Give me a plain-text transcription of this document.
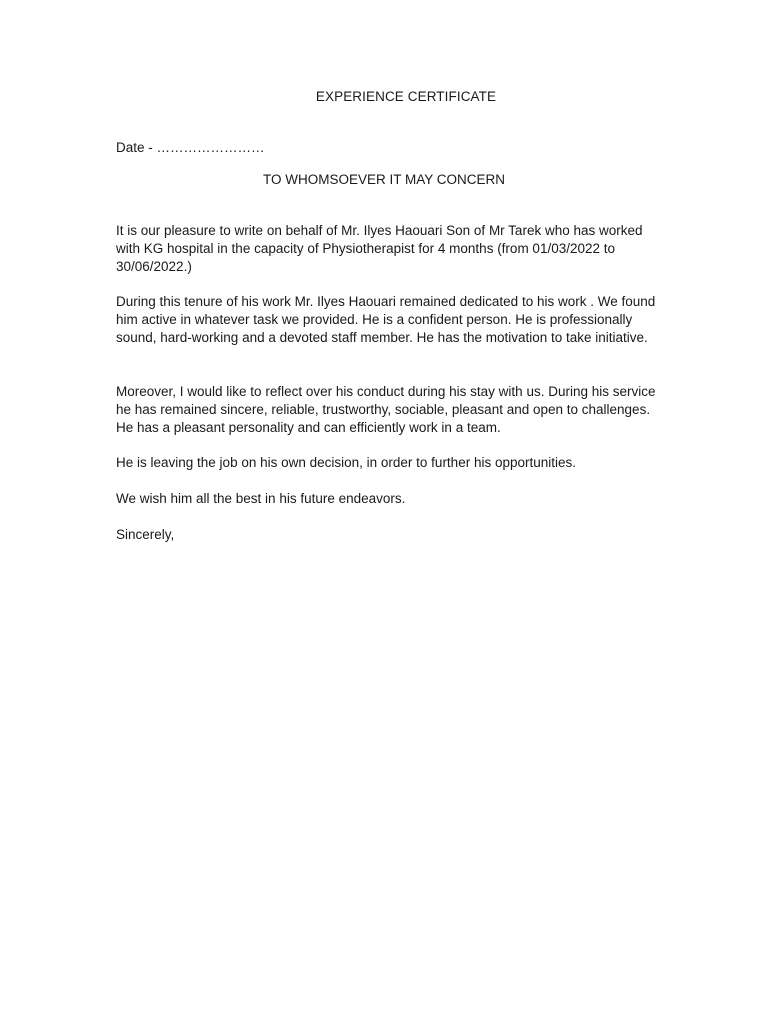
EXPERIENCE CERTIFICATE
Date - ……………………
TO WHOMSOEVER IT MAY CONCERN

It is our pleasure to write on behalf of Mr. Ilyes Haouari Son of Mr Tarek who has worked with KG hospital in the capacity of Physiotherapist for 4 months (from 01/03/2022 to 30/06/2022.)

During this tenure of his work Mr. Ilyes Haouari remained dedicated to his work . We found him active in whatever task we provided. He is a confident person. He is professionally sound, hard-working and a devoted staff member. He has the motivation to take initiative.

Moreover, I would like to reflect over his conduct during his stay with us. During his service he has remained sincere, reliable, trustworthy, sociable, pleasant and open to challenges. He has a pleasant personality and can efficiently work in a team.

He is leaving the job on his own decision, in order to further his opportunities.

We wish him all the best in his future endeavors.

Sincerely,
